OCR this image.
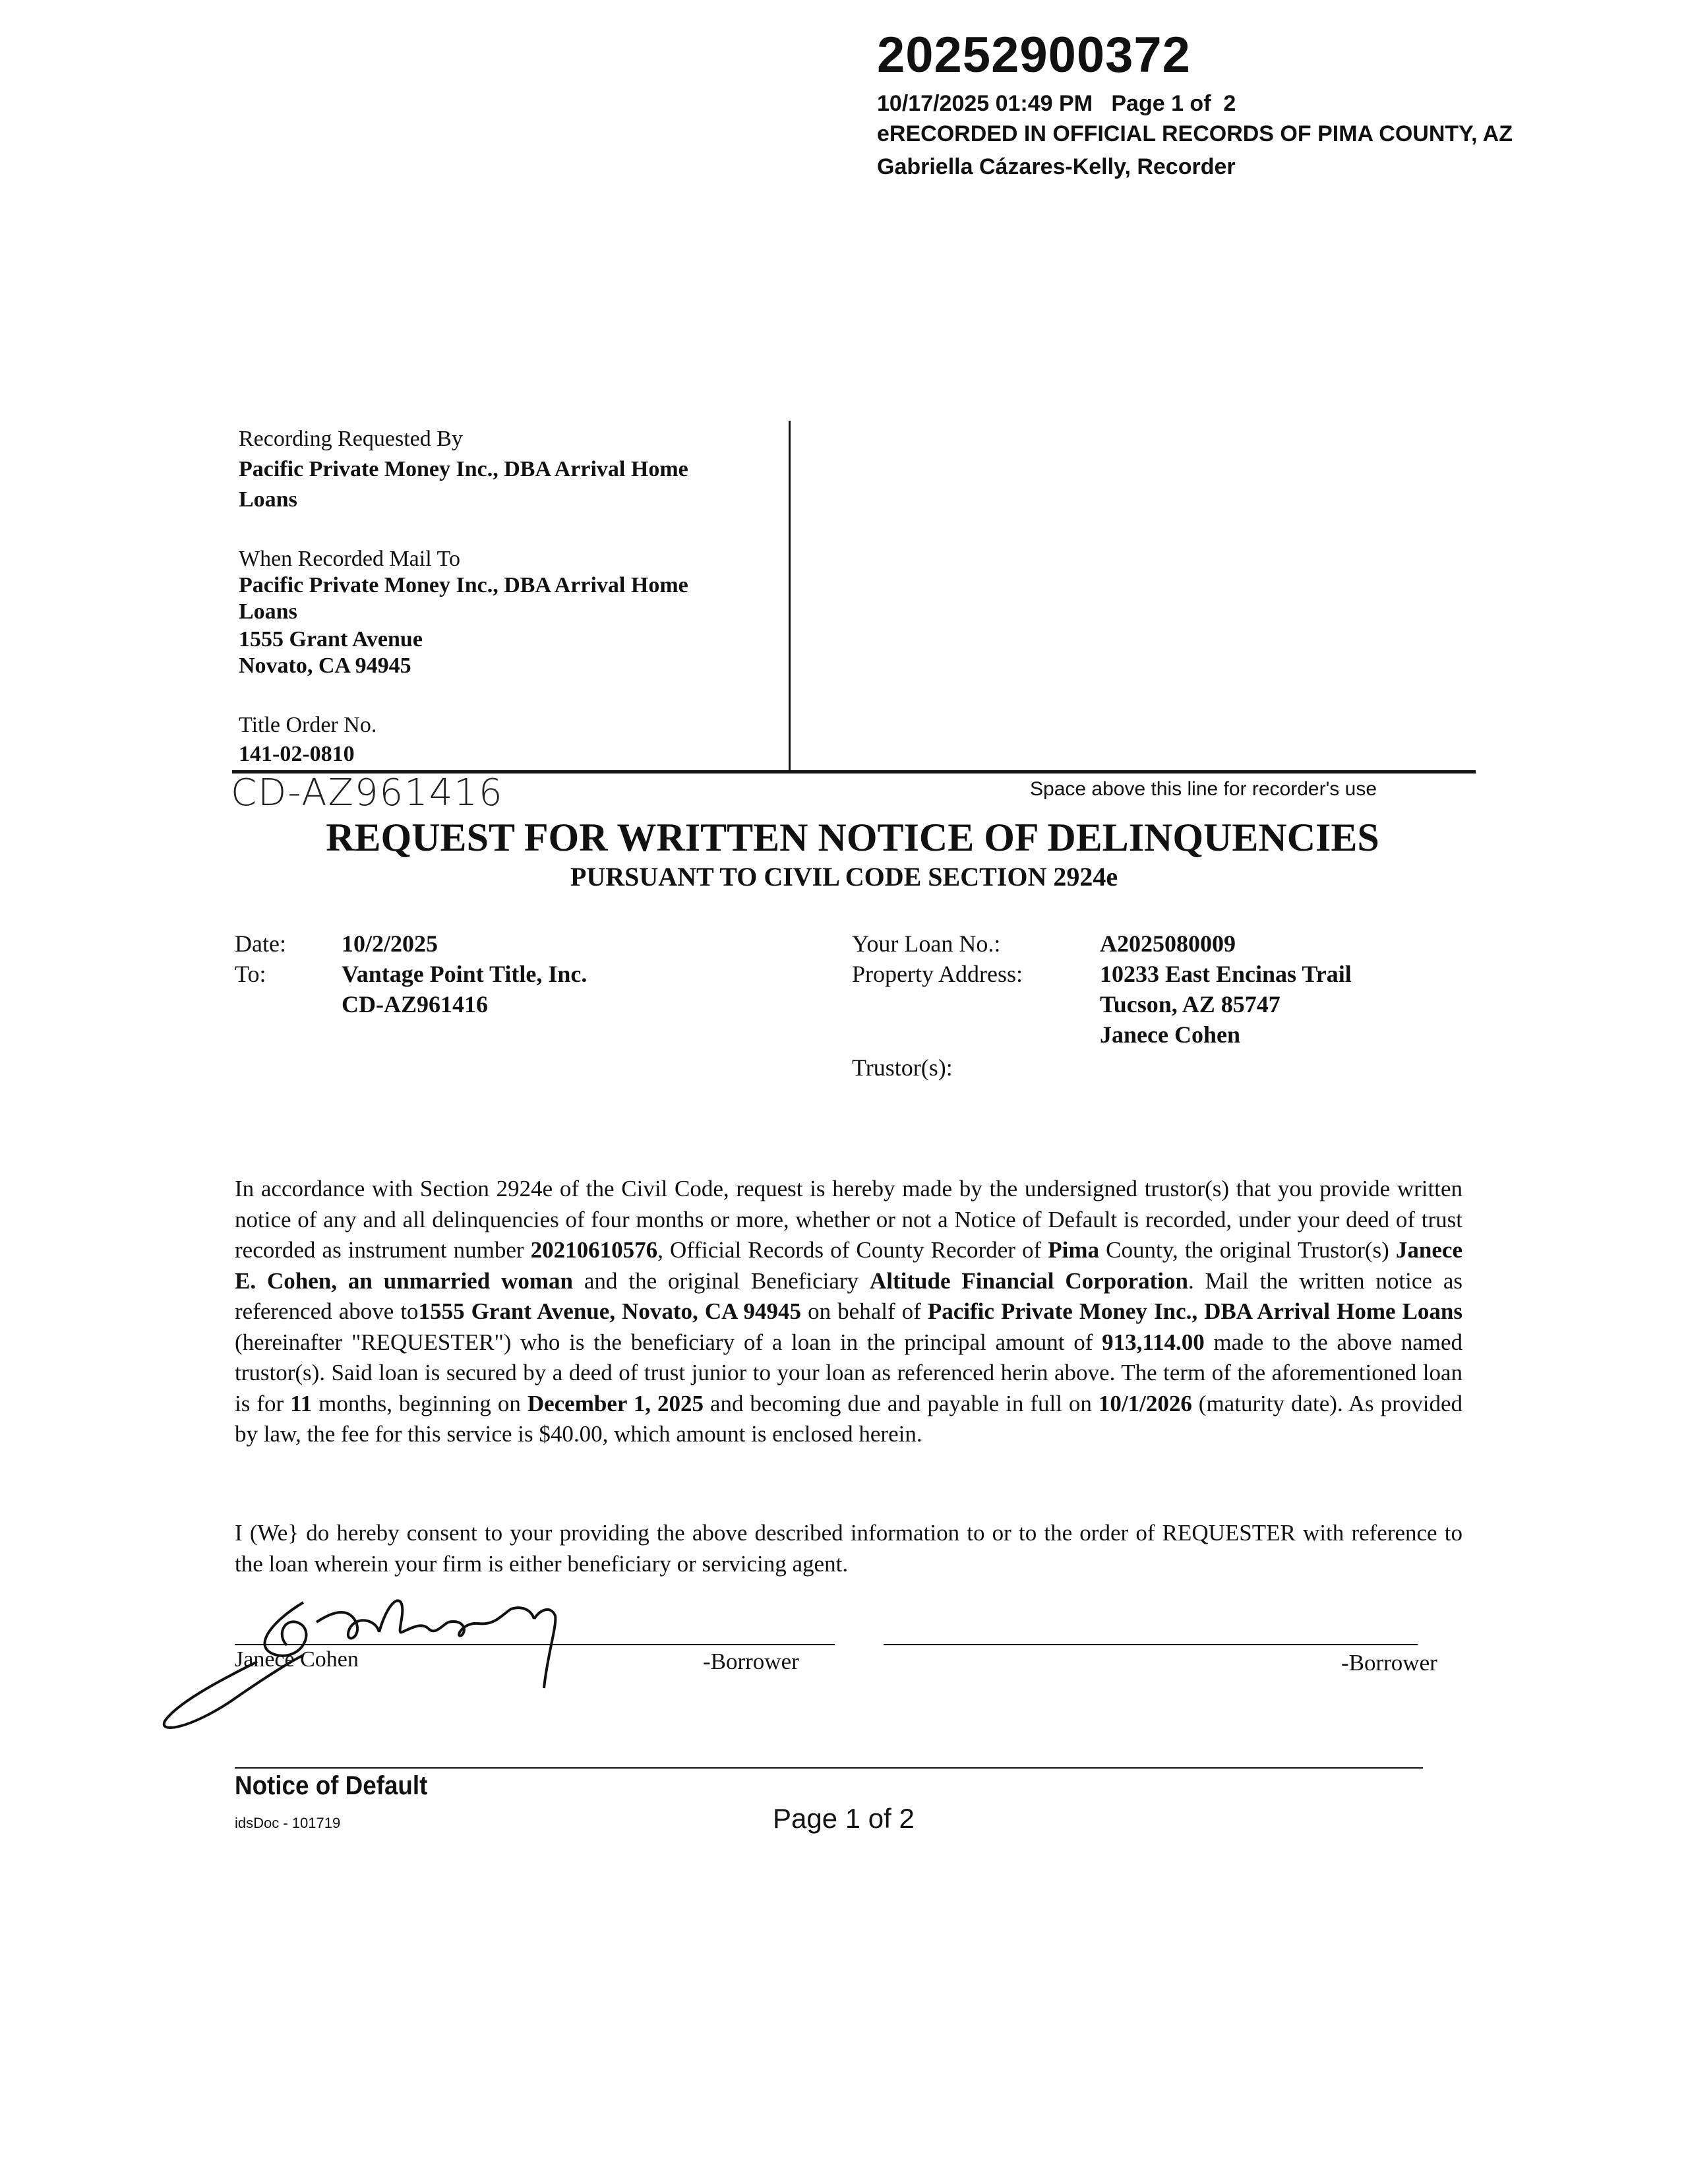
20252900372
10/17/2025 01:49 PM   Page 1 of  2
eRECORDED IN OFFICIAL RECORDS OF PIMA COUNTY, AZ
Gabriella Cázares-Kelly, Recorder
Recording Requested By
Pacific Private Money Inc., DBA Arrival Home
Loans
When Recorded Mail To
Pacific Private Money Inc., DBA Arrival Home
Loans
1555 Grant Avenue
Novato, CA 94945
Title Order No.
141-02-0810
CD-AZ961416	Space above this line for recorder's use
REQUEST FOR WRITTEN NOTICE OF DELINQUENCIES
PURSUANT TO CIVIL CODE SECTION 2924e
Date: 10/2/2025
To:	Vantage Point Title, Inc.
CD-AZ961416
Your Loan No.:	A2025080009
Property Address:	10233 East Encinas Trail
Tucson, AZ 85747
Janece Cohen
Trustor(s):
In accordance with Section 2924e of the Civil Code, request is hereby made by the undersigned trustor(s) that you provide written notice of any and all delinquencies of four months or more, whether or not a Notice of Default is recorded, under your deed of trust recorded as instrument number 20210610576, Official Records of County Recorder of Pima County, the original Trustor(s) Janece E. Cohen, an unmarried woman and the original Beneficiary Altitude Financial Corporation. Mail the written notice as referenced above to1555 Grant Avenue, Novato, CA 94945 on behalf of Pacific Private Money Inc., DBA Arrival Home Loans (hereinafter "REQUESTER") who is the beneficiary of a loan in the principal amount of 913,114.00 made to the above named trustor(s). Said loan is secured by a deed of trust junior to your loan as referenced herin above. The term of the aforementioned loan is for 11 months, beginning on December 1, 2025 and becoming due and payable in full on 10/1/2026 (maturity date). As provided by law, the fee for this service is $40.00, which amount is enclosed herein.
I (We} do hereby consent to your providing the above described information to or to the order of REQUESTER with reference to the loan wherein your firm is either beneficiary or servicing agent.
Janece Cohen	-Borrower	-Borrower
Notice of Default
idsDoc - 101719	Page 1 of 2
